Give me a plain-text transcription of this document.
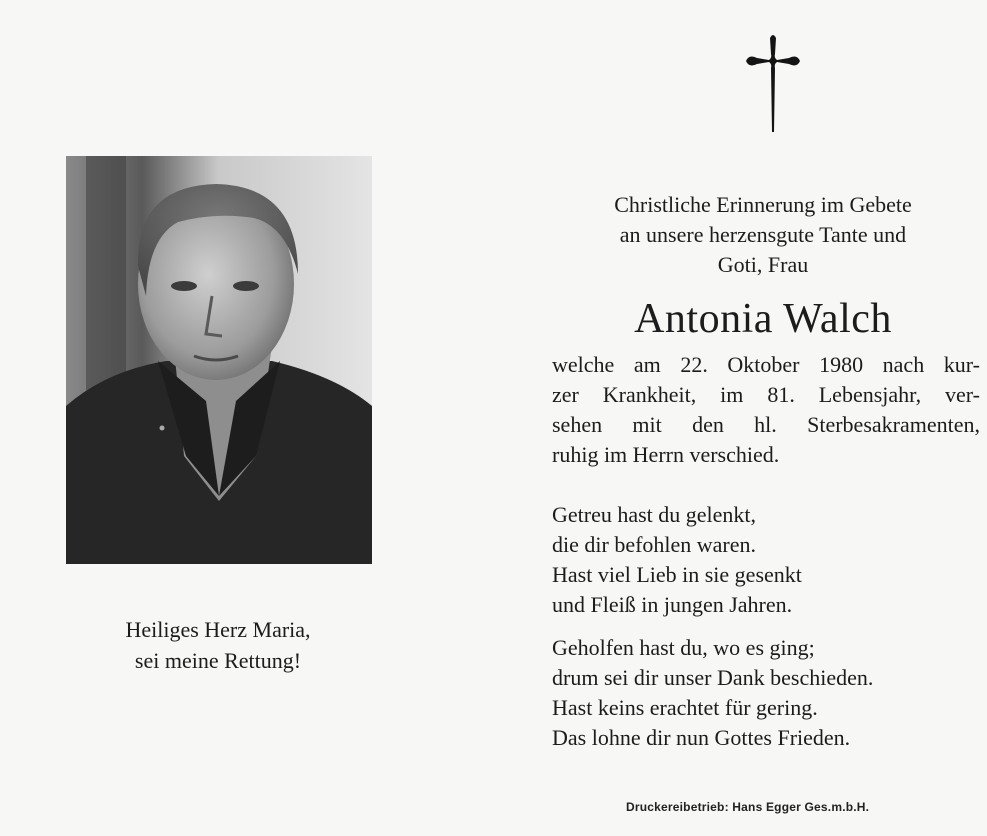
Heiliges Herz Maria,
sei meine Rettung!

Christliche Erinnerung im Gebete
an unsere herzensgute Tante und
Goti, Frau

Antonia Walch

welche am 22. Oktober 1980 nach kur-
zer Krankheit, im 81. Lebensjahr, ver-
sehen mit den hl. Sterbesakramenten,
ruhig im Herrn verschied.

Getreu hast du gelenkt,
die dir befohlen waren.
Hast viel Lieb in sie gesenkt
und Fleiß in jungen Jahren.

Geholfen hast du, wo es ging;
drum sei dir unser Dank beschieden.
Hast keins erachtet für gering.
Das lohne dir nun Gottes Frieden.

Druckereibetrieb: Hans Egger Ges.m.b.H.
